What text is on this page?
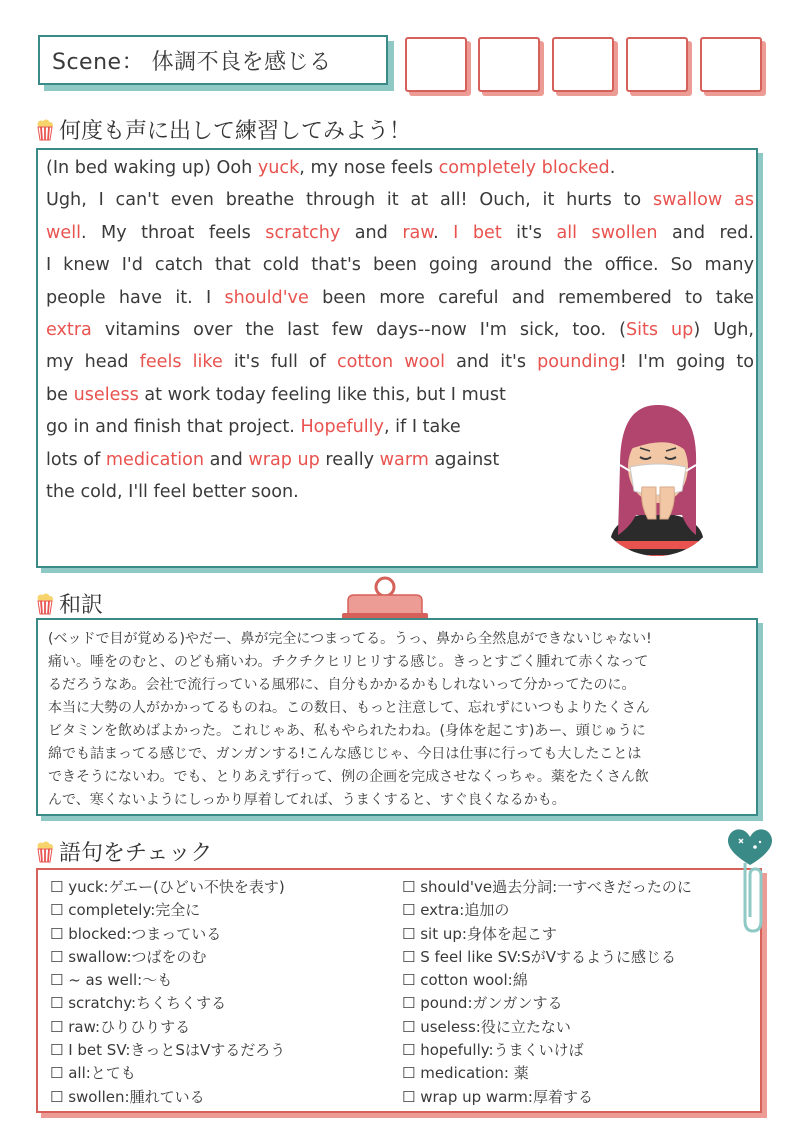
Scene： 体調不良を感じる
何度も声に出して練習してみよう！
(In bed waking up) Ooh yuck, my nose feels completely blocked.
Ugh, I can't even breathe through it at all! Ouch, it hurts to swallow as
well. My throat feels scratchy and raw. I bet it's all swollen and red.
I knew I'd catch that cold that's been going around the office. So many
people have it. I should've been more careful and remembered to take
extra vitamins over the last few days--now I'm sick, too. (Sits up) Ugh,
my head feels like it's full of cotton wool and it's pounding! I'm going to
be useless at work today feeling like this, but I must
go in and finish that project. Hopefully, if I take
lots of medication and wrap up really warm against
the cold, I'll feel better soon.
和訳
(ベッドで目が覚める)やだー、鼻が完全につまってる。うっ、鼻から全然息ができないじゃない!
痛い。唾をのむと、のども痛いわ。チクチクヒリヒリする感じ。きっとすごく腫れて赤くなって
るだろうなあ。会社で流行っている風邪に、自分もかかるかもしれないって分かってたのに。
本当に大勢の人がかかってるものね。この数日、もっと注意して、忘れずにいつもよりたくさん
ビタミンを飲めばよかった。これじゃあ、私もやられたわね。(身体を起こす)あー、頭じゅうに
綿でも詰まってる感じで、ガンガンする!こんな感じじゃ、今日は仕事に行っても大したことは
できそうにないわ。でも、とりあえず行って、例の企画を完成させなくっちゃ。薬をたくさん飲
んで、寒くないようにしっかり厚着してれば、うまくすると、すぐ良くなるかも。
語句をチェック
☐ yuck:ゲエー(ひどい不快を表す)
☐ completely:完全に
☐ blocked:つまっている
☐ swallow:つばをのむ
☐ ~ as well:〜も
☐ scratchy:ちくちくする
☐ raw:ひりひりする
☐ I bet SV:きっとSはVするだろう
☐ all:とても
☐ swollen:腫れている
☐ should've過去分詞:一すべきだったのに
☐ extra:追加の
☐ sit up:身体を起こす
☐ S feel like SV:SがVするように感じる
☐ cotton wool:綿
☐ pound:ガンガンする
☐ useless:役に立たない
☐ hopefully:うまくいけば
☐ medication: 薬
☐ wrap up warm:厚着する
